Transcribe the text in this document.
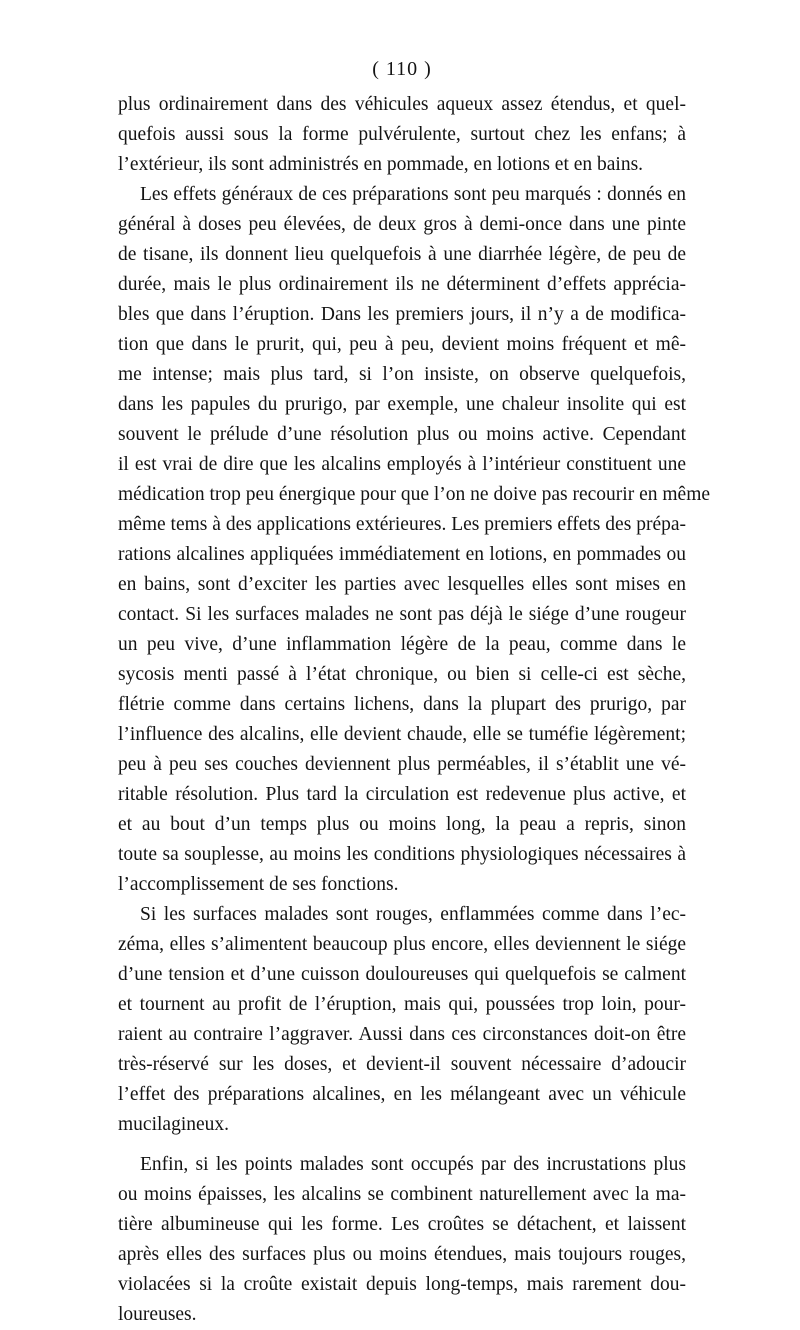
( 110 )
plus ordinairement dans des véhicules aqueux assez étendus, et quel-
quefois aussi sous la forme pulvérulente, surtout chez les enfans; à
l’extérieur, ils sont administrés en pommade, en lotions et en bains.
Les effets généraux de ces préparations sont peu marqués : donnés en
général à doses peu élevées, de deux gros à demi-once dans une pinte
de tisane, ils donnent lieu quelquefois à une diarrhée légère, de peu de
durée, mais le plus ordinairement ils ne déterminent d’effets apprécia-
bles que dans l’éruption. Dans les premiers jours, il n’y a de modifica-
tion que dans le prurit, qui, peu à peu, devient moins fréquent et mê-
me intense; mais plus tard, si l’on insiste, on observe quelquefois,
dans les papules du prurigo, par exemple, une chaleur insolite qui est
souvent le prélude d’une résolution plus ou moins active. Cependant
il est vrai de dire que les alcalins employés à l’intérieur constituent une
médication trop peu énergique pour que l’on ne doive pas recourir en même
même tems à des applications extérieures. Les premiers effets des prépa-
rations alcalines appliquées immédiatement en lotions, en pommades ou
en bains, sont d’exciter les parties avec lesquelles elles sont mises en
contact. Si les surfaces malades ne sont pas déjà le siége d’une rougeur
un peu vive, d’une inflammation légère de la peau, comme dans le
sycosis menti passé à l’état chronique, ou bien si celle-ci est sèche,
flétrie comme dans certains lichens, dans la plupart des prurigo, par
l’influence des alcalins, elle devient chaude, elle se tuméfie légèrement;
peu à peu ses couches deviennent plus perméables, il s’établit une vé-
ritable résolution. Plus tard la circulation est redevenue plus active, et
et au bout d’un temps plus ou moins long, la peau a repris, sinon
toute sa souplesse, au moins les conditions physiologiques nécessaires à
l’accomplissement de ses fonctions.
Si les surfaces malades sont rouges, enflammées comme dans l’ec-
zéma, elles s’alimentent beaucoup plus encore, elles deviennent le siége
d’une tension et d’une cuisson douloureuses qui quelquefois se calment
et tournent au profit de l’éruption, mais qui, poussées trop loin, pour-
raient au contraire l’aggraver. Aussi dans ces circonstances doit-on être
très-réservé sur les doses, et devient-il souvent nécessaire d’adoucir
l’effet des préparations alcalines, en les mélangeant avec un véhicule
mucilagineux.
Enfin, si les points malades sont occupés par des incrustations plus
ou moins épaisses, les alcalins se combinent naturellement avec la ma-
tière albumineuse qui les forme. Les croûtes se détachent, et laissent
après elles des surfaces plus ou moins étendues, mais toujours rouges,
violacées si la croûte existait depuis long-temps, mais rarement dou-
loureuses.
